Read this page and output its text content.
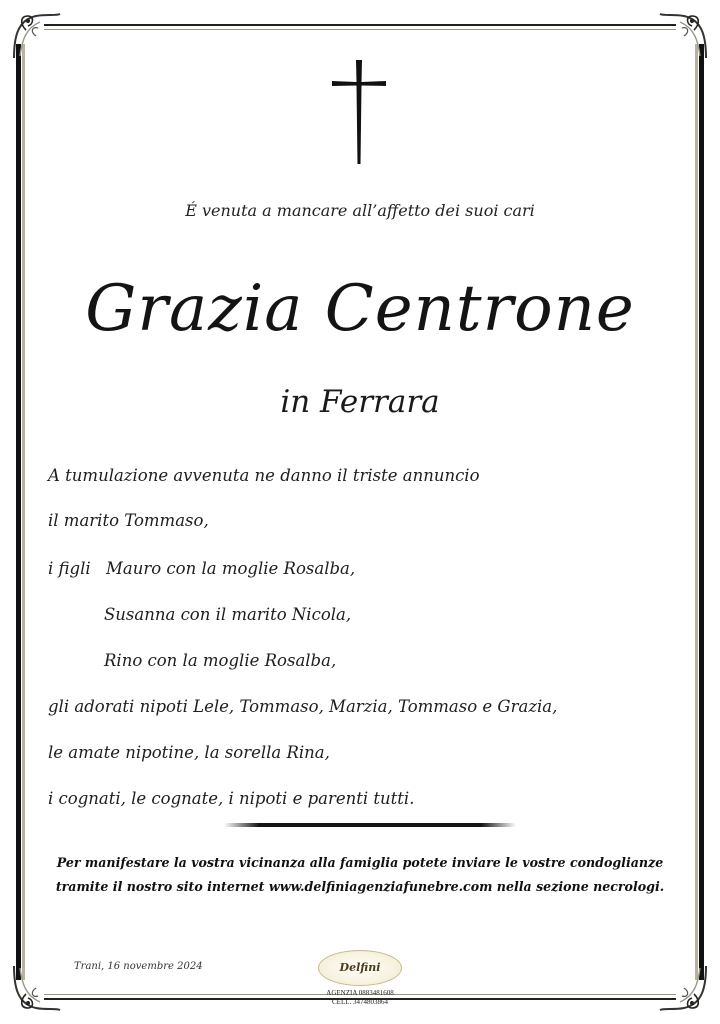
É venuta a mancare all’affetto dei suoi cari
Grazia Centrone
in Ferrara
A tumulazione avvenuta ne danno il triste annuncio
il marito Tommaso,
i figli Mauro con la moglie Rosalba,
Susanna con il marito Nicola,
Rino con la moglie Rosalba,
gli adorati nipoti Lele, Tommaso, Marzia, Tommaso e Grazia,
le amate nipotine, la sorella Rina,
i cognati, le cognate, i nipoti e parenti tutti.
Per manifestare la vostra vicinanza alla famiglia potete inviare le vostre condoglianze
tramite il nostro sito internet www.delfiniagenziafunebre.com nella sezione necrologi.
Trani, 16 novembre 2024	Delfini
AGENZIA 0883481608
CELL. 3474803864
